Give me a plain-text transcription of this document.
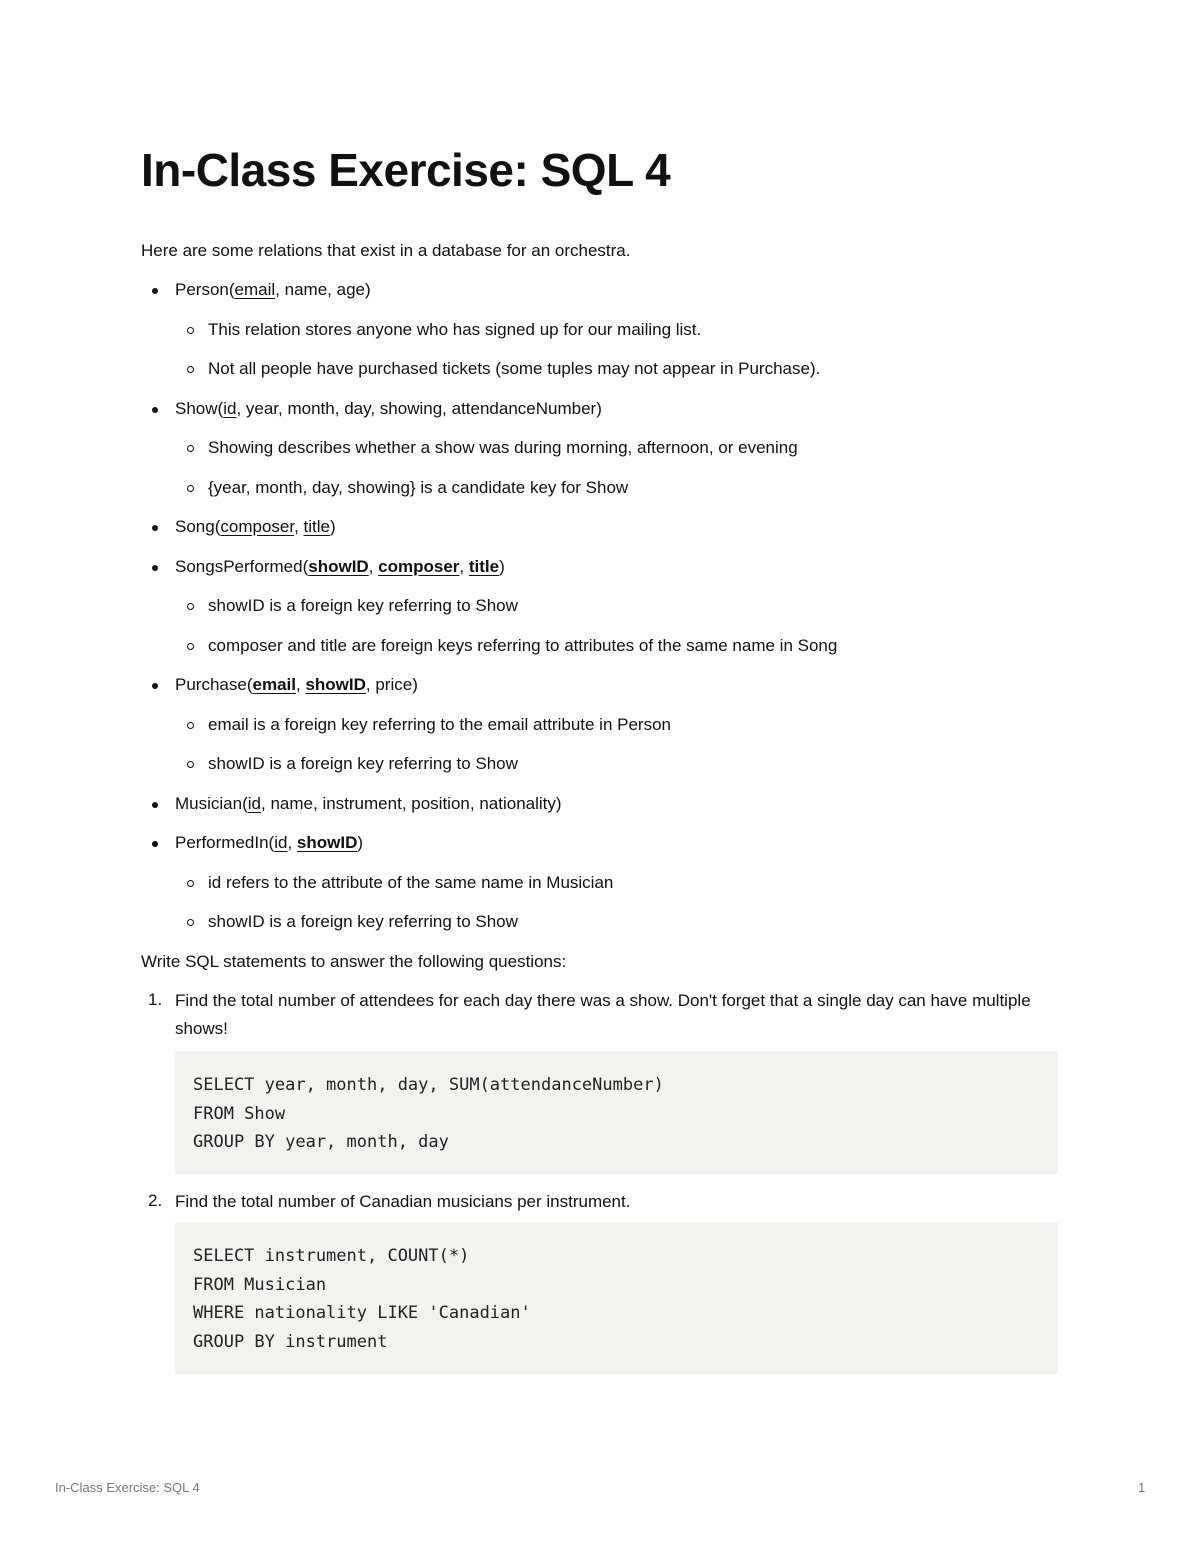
In-Class Exercise: SQL 4
Here are some relations that exist in a database for an orchestra.
Person(email, name, age)
This relation stores anyone who has signed up for our mailing list.
Not all people have purchased tickets (some tuples may not appear in Purchase).
Show(id, year, month, day, showing, attendanceNumber)
Showing describes whether a show was during morning, afternoon, or evening
{year, month, day, showing} is a candidate key for Show
Song(composer, title)
SongsPerformed(showID, composer, title)
showID is a foreign key referring to Show
composer and title are foreign keys referring to attributes of the same name in Song
Purchase(email, showID, price)
email is a foreign key referring to the email attribute in Person
showID is a foreign key referring to Show
Musician(id, name, instrument, position, nationality)
PerformedIn(id, showID)
id refers to the attribute of the same name in Musician
showID is a foreign key referring to Show
Write SQL statements to answer the following questions:
1. Find the total number of attendees for each day there was a show. Don't forget that a single day can have multiple shows!
SELECT year, month, day, SUM(attendanceNumber)
FROM Show
GROUP BY year, month, day
2. Find the total number of Canadian musicians per instrument.
SELECT instrument, COUNT(*)
FROM Musician
WHERE nationality LIKE 'Canadian'
GROUP BY instrument
In-Class Exercise: SQL 4	1
